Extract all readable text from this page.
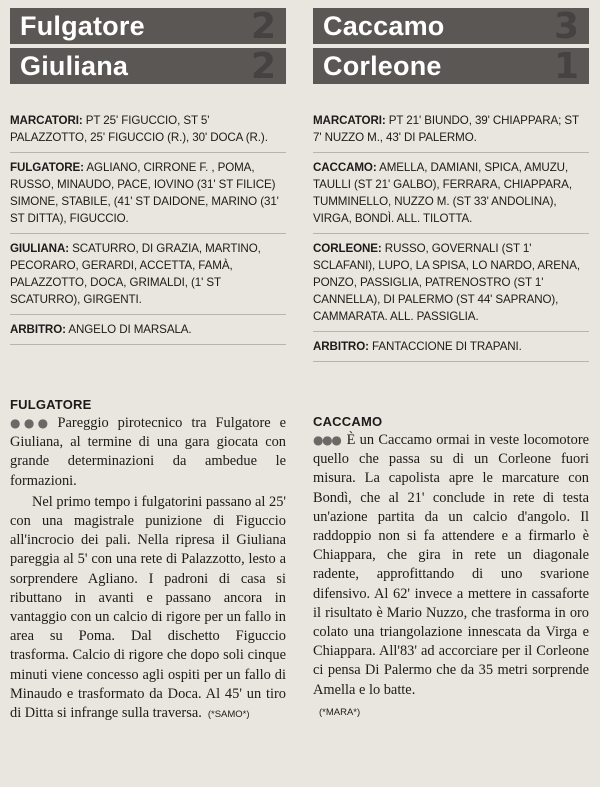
Fulgatore	2
Giuliana	2
MARCATORI: PT 25' FIGUCCIO, ST 5' PALAZZOTTO, 25' FIGUCCIO (R.), 30' DOCA (R.).
FULGATORE: AGLIANO, CIRRONE F. , POMA, RUSSO, MINAUDO, PACE, IOVINO (31' ST FILICE) SIMONE, STABILE, (41' ST DAIDONE, MARINO (31' ST DITTA), FIGUCCIO.
GIULIANA: SCATURRO, DI GRAZIA, MARTINO, PECORARO, GERARDI, ACCETTA, FAMÀ, PALAZZOTTO, DOCA, GRIMALDI, (1' ST SCATURRO), GIRGENTI.
ARBITRO: ANGELO DI MARSALA.
FULGATORE

●●● Pareggio pirotecnico tra Fulgatore e Giuliana, al termine di una gara giocata con grande determinazioni da ambedue le formazioni.

Nel primo tempo i fulgatorini passano al 25' con una magistrale punizione di Figuccio all'incrocio dei pali. Nella ripresa il Giuliana pareggia al 5' con una rete di Palazzotto, lesto a sorprendere Agliano. I padroni di casa si ributtano in avanti e passano ancora in vantaggio con un calcio di rigore per un fallo in area su Poma. Dal dischetto Figuccio trasforma. Calcio di rigore che dopo soli cinque minuti viene concesso agli ospiti per un fallo di Minaudo e trasformato da Doca. Al 45' un tiro di Ditta si infrange sulla traversa. (*SAMO*)

Caccamo	3
Corleone	1
MARCATORI: PT 21' BIUNDO, 39' CHIAPPARA; ST 7' NUZZO M., 43' DI PALERMO.
CACCAMO: AMELLA, DAMIANI, SPICA, AMUZU, TAULLI (ST 21' GALBO), FERRARA, CHIAPPARA, TUMMINELLO, NUZZO M. (ST 33' ANDOLINA), VIRGA, BONDÌ. ALL. TILOTTA.
CORLEONE: RUSSO, GOVERNALI (ST 1' SCLAFANI), LUPO, LA SPISA, LO NARDO, ARENA, PONZO, PASSIGLIA, PATRENOSTRO (ST 1' CANNELLA), DI PALERMO (ST 44' SAPRANO), CAMMARATA. ALL. PASSIGLIA.
ARBITRO: FANTACCIONE DI TRAPANI.
CACCAMO

●●● È un Caccamo ormai in veste locomotore quello che passa su di un Corleone fuori misura. La capolista apre le marcature con Bondì, che al 21' conclude in rete di testa un'azione partita da un calcio d'angolo. Il raddoppio non si fa attendere e a firmarlo è Chiappara, che gira in rete un diagonale radente, approfittando di uno svarione difensivo. Al 62' invece a mettere in cassaforte il risultato è Mario Nuzzo, che trasforma in oro colato una triangolazione innescata da Virga e Chiappara. All'83' ad accorciare per il Corleone ci pensa Di Palermo che da 35 metri sorprende Amella e lo batte.

(*MARA*)
